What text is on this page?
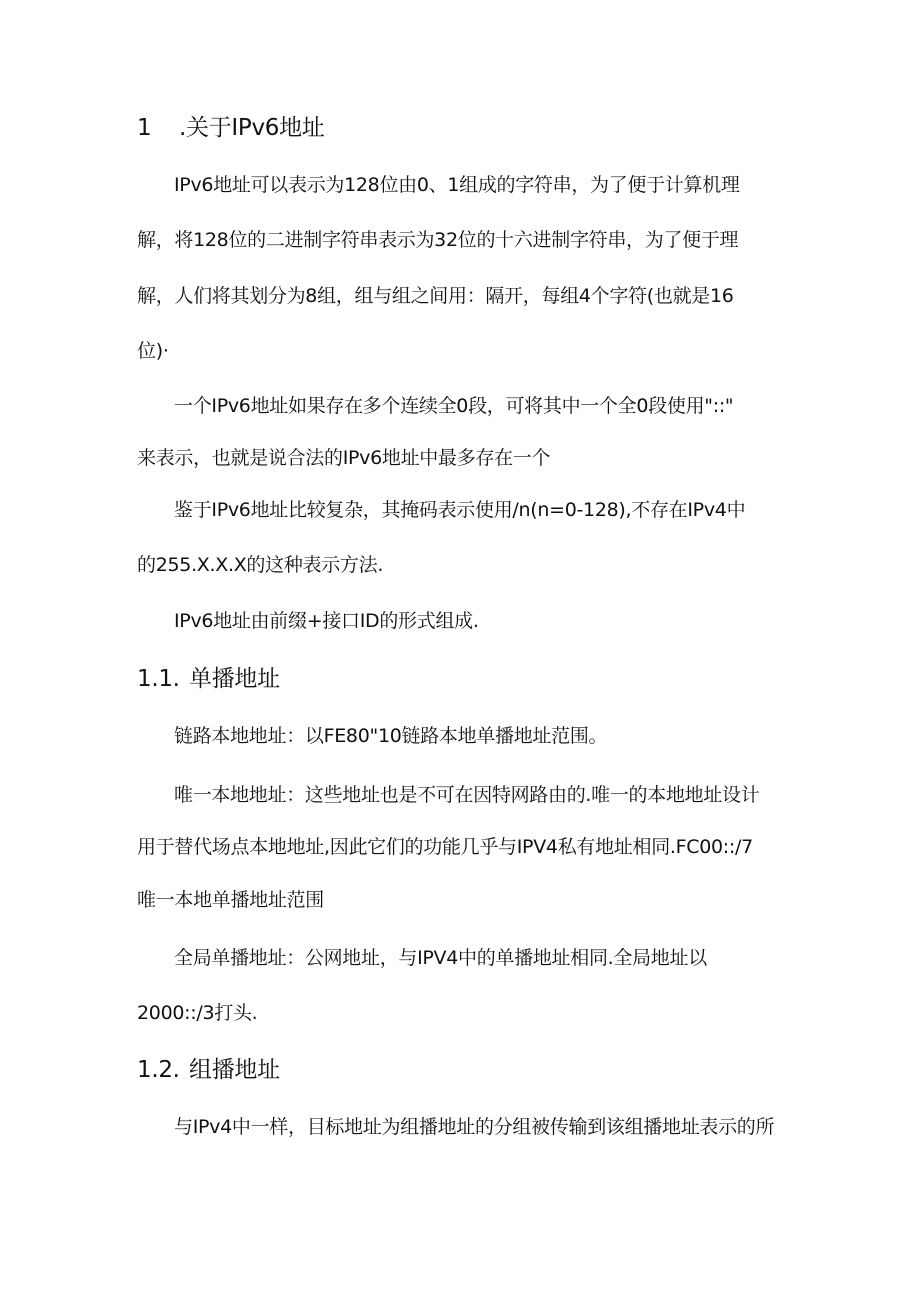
1 .关于IPv6地址
IPv6地址可以表示为128位由0、1组成的字符串，为了便于计算机理
解，将128位的二进制字符串表示为32位的十六进制字符串，为了便于理
解，人们将其划分为8组，组与组之间用：隔开，每组4个字符(也就是16
位)·
一个IPv6地址如果存在多个连续全0段，可将其中一个全0段使用"::"
来表示，也就是说合法的IPv6地址中最多存在一个
鉴于IPv6地址比较复杂，其掩码表示使用/n(n=0-128),不存在IPv4中
的255.X.X.X的这种表示方法.
IPv6地址由前缀+接口ID的形式组成.
1.1. 单播地址
链路本地地址：以FE80"10链路本地单播地址范围。
唯一本地地址：这些地址也是不可在因特网路由的.唯一的本地地址设计
用于替代场点本地地址,因此它们的功能几乎与IPV4私有地址相同.FC00::/7
唯一本地单播地址范围
全局单播地址：公网地址，与IPV4中的单播地址相同.全局地址以
2000::/3打头.
1.2. 组播地址
与IPv4中一样，目标地址为组播地址的分组被传输到该组播地址表示的所
